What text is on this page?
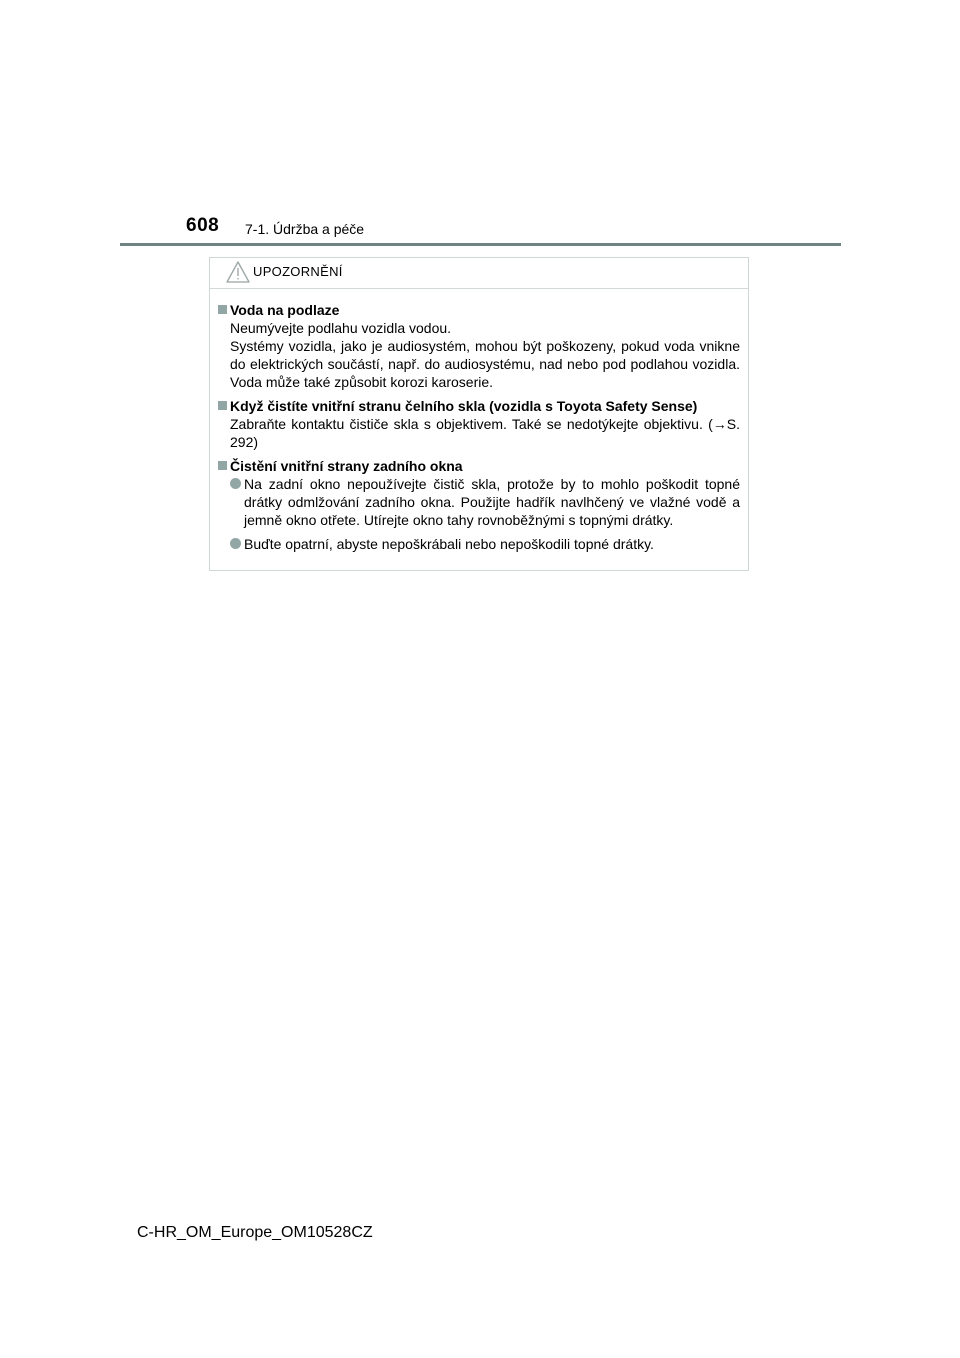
608 7-1. Údržba a péče
UPOZORNĚNÍ
Voda na podlaze
Neumývejte podlahu vozidla vodou.
Systémy vozidla, jako je audiosystém, mohou být poškozeny, pokud voda vnikne do elektrických součástí, např. do audiosystému, nad nebo pod podlahou vozidla. Voda může také způsobit korozi karoserie.
Když čistíte vnitřní stranu čelního skla (vozidla s Toyota Safety Sense)
Zabraňte kontaktu čističe skla s objektivem. Také se nedotýkejte objektivu. (→S. 292)
Čistění vnitřní strany zadního okna
Na zadní okno nepoužívejte čistič skla, protože by to mohlo poškodit topné drátky odmlžování zadního okna. Použijte hadřík navlhčený ve vlažné vodě a jemně okno otřete. Utírejte okno tahy rovnoběžnými s topnými drátky.
Buďte opatrní, abyste nepoškrábali nebo nepoškodili topné drátky.
C-HR_OM_Europe_OM10528CZ
